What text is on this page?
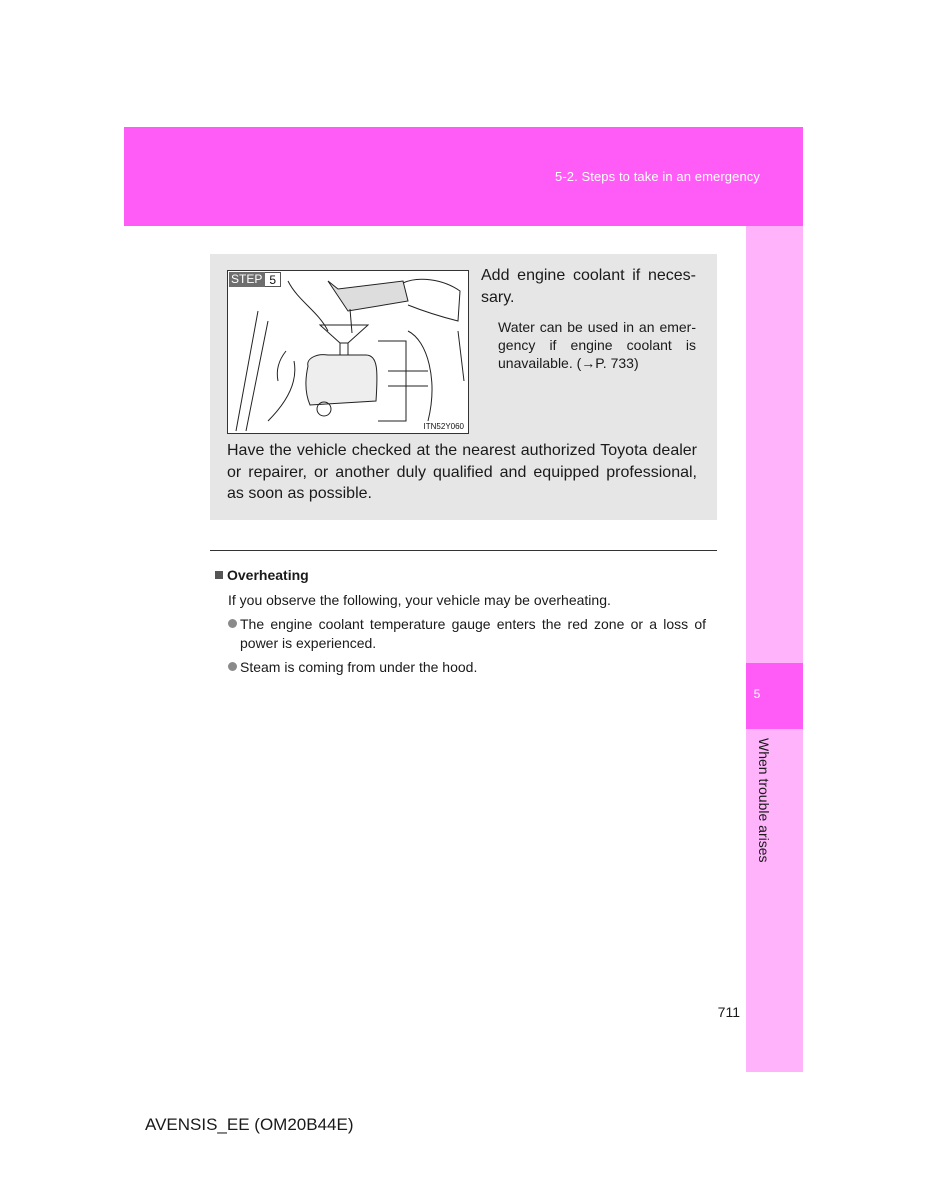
5-2. Steps to take in an emergency
5
When trouble arises
711
STEP 5
ITN52Y060
Add engine coolant if neces-sary.
Water can be used in an emer-gency if engine coolant is unavailable. (→P. 733)
Have the vehicle checked at the nearest authorized Toyota dealer or repairer, or another duly qualified and equipped professional, as soon as possible.
Overheating
If you observe the following, your vehicle may be overheating.
The engine coolant temperature gauge enters the red zone or a loss of power is experienced.
Steam is coming from under the hood.
AVENSIS_EE (OM20B44E)
